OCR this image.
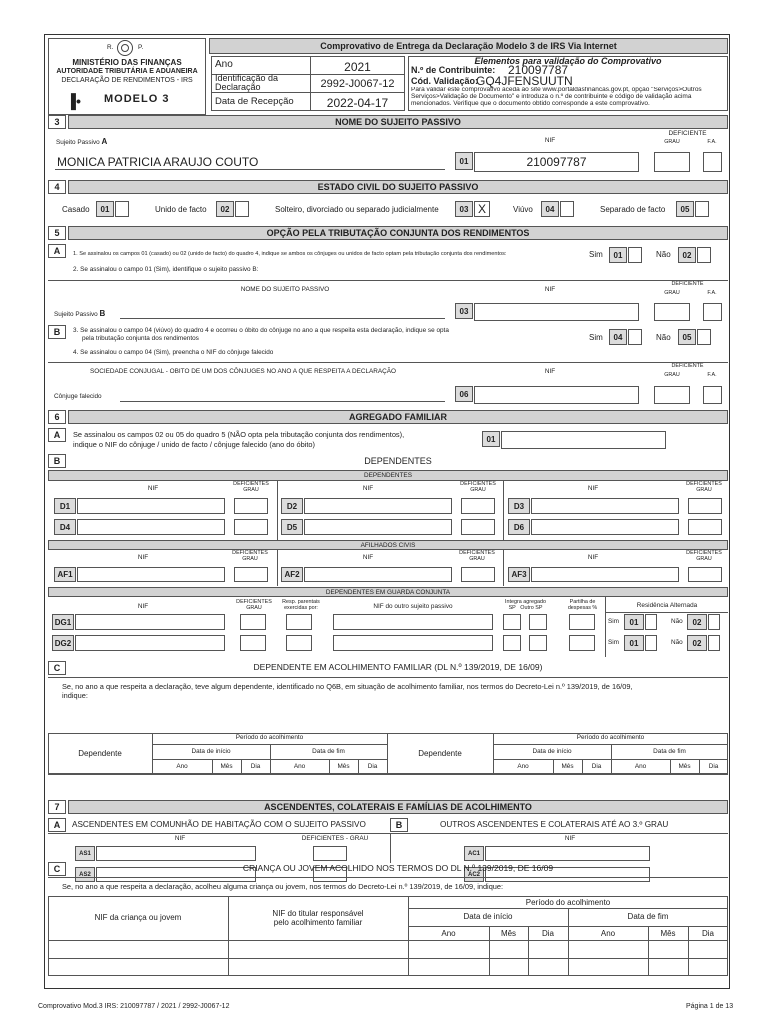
R.	P.
MINISTÉRIO DAS FINANÇAS
AUTORIDADE TRIBUTÁRIA E ADUANEIRA
DECLARAÇÃO DE RENDIMENTOS - IRS
▐• MODELO 3
Comprovativo de Entrega da Declaração Modelo 3 de IRS Via Internet
Ano	2021
Identificação da Declaração	2992-J0067-12
Data de Recepção	2022-04-17
Elementos para validação do Comprovativo
N.º de Contribuinte: 210097787
Cód. Validação:
GQ4JFENSUUTN
Para validar este comprovativo aceda ao site www.portaldasfinancas.gov.pt, opção "Serviços>Outros Serviços>Validação de Documento" e introduza o n.º de contribuinte e código de validação acima mencionados. Verifique que o documento obtido corresponde a este comprovativo.
3	NOME DO SUJEITO PASSIVO
Sujeito Passivo A	NIF
DEFICIENTE
GRAU	F.A.
MONICA PATRICIA ARAUJO COUTO	01	210097787
4	ESTADO CIVIL DO SUJEITO PASSIVO
Casado	01	Unido de facto	02	Solteiro, divorciado ou separado judicialmente	03 X	Viúvo	04	Separado de facto	05
5	OPÇÃO PELA TRIBUTAÇÃO CONJUNTA DOS RENDIMENTOS
A	1. Se assinalou os campos 01 (casado) ou 02 (unido de facto) do quadro 4, indique se ambos os cônjuges ou unidos de facto optam pela tributação conjunta dos rendimentos:	Sim	01	Não	02
2. Se assinalou o campo 01 (Sim), identifique o sujeito passivo B:
NOME DO SUJEITO PASSIVO	NIF
DEFICIENTE
GRAU	F.A.
Sujeito Passivo B	03
B	3. Se assinalou o campo 04 (viúvo) do quadro 4 e ocorreu o óbito do cônjuge no ano a que respeita esta declaração, indique se opta
pela tributação conjunta dos rendimentos	Sim	04	Não	05
4. Se assinalou o campo 04 (Sim), preencha o NIF do cônjuge falecido
SOCIEDADE CONJUGAL - OBITO DE UM DOS CÔNJUGES NO ANO A QUE RESPEITA A DECLARAÇÃO	NIF
DEFICIENTE
GRAU	F.A.
Cônjuge falecido	06
6	AGREGADO FAMILIAR
A	Se assinalou os campos 02 ou 05 do quadro 5 (NÃO opta pela tributação conjunta dos rendimentos),
indique o NIF do cônjuge / unido de facto / cônjuge falecido (ano do óbito)
01
B	DEPENDENTES
DEPENDENTES
NIF
DEFICIENTES
GRAU	NIF
DEFICIENTES
GRAU	NIF
DEFICIENTES
GRAU
D1	D2	D3
D4	D5	D6
AFILHADOS CIVIS
NIF
DEFICIENTES
GRAU	NIF
DEFICIENTES
GRAU	NIF
DEFICIENTES
GRAU
AF1	AF2	AF3
DEPENDENTES EM GUARDA CONJUNTA
NIF
DEFICIENTES
GRAU
Resp. parentais
exercidas por:	NIF do outro sujeito passivo
Integra agregado
SP Outro SP
Partilha de
despesas %	Residência Alternada
DG1	Sim	01	Não	02
DG2	Sim	01	Não	02
C	DEPENDENTE EM ACOLHIMENTO FAMILIAR (DL N.º 139/2019, DE 16/09)
Se, no ano a que respeita a declaração, teve algum dependente, identificado no Q6B, em situação de acolhimento familiar, nos termos do Decreto-Lei n.º 139/2019, de 16/09,
indique:
Dependente	Dependente
Período do acolhimento	Período do acolhimento
Data de início	Data de fim	Data de início	Data de fim
Ano	Mês	Dia	Ano	Mês	Dia	Ano	Mês	Dia	Ano	Mês	Dia
7	ASCENDENTES, COLATERAIS E FAMÍLIAS DE ACOLHIMENTO
A	ASCENDENTES EM COMUNHÃO DE HABITAÇÃO COM O SUJEITO PASSIVO	B	OUTROS ASCENDENTES E COLATERAIS ATÉ AO 3.º GRAU
NIF	DEFICIENTES - GRAU	NIF
AS1
AS2
AC1
AC2
C	CRIANÇA OU JOVEM ACOLHIDO NOS TERMOS DO DL N.º 139/2019, DE 16/09
Se, no ano a que respeita a declaração, acolheu alguma criança ou jovem, nos termos do Decreto-Lei n.º 139/2019, de 16/09, indique:
NIF da criança ou jovem	NIF do titular responsável
pelo acolhimento familiar
Período do acolhimento
Data de início	Data de fim
Ano	Mês	Dia	Ano	Mês	Dia
Comprovativo Mod.3 IRS: 210097787 / 2021 / 2992-J0067-12	Página 1 de 13
